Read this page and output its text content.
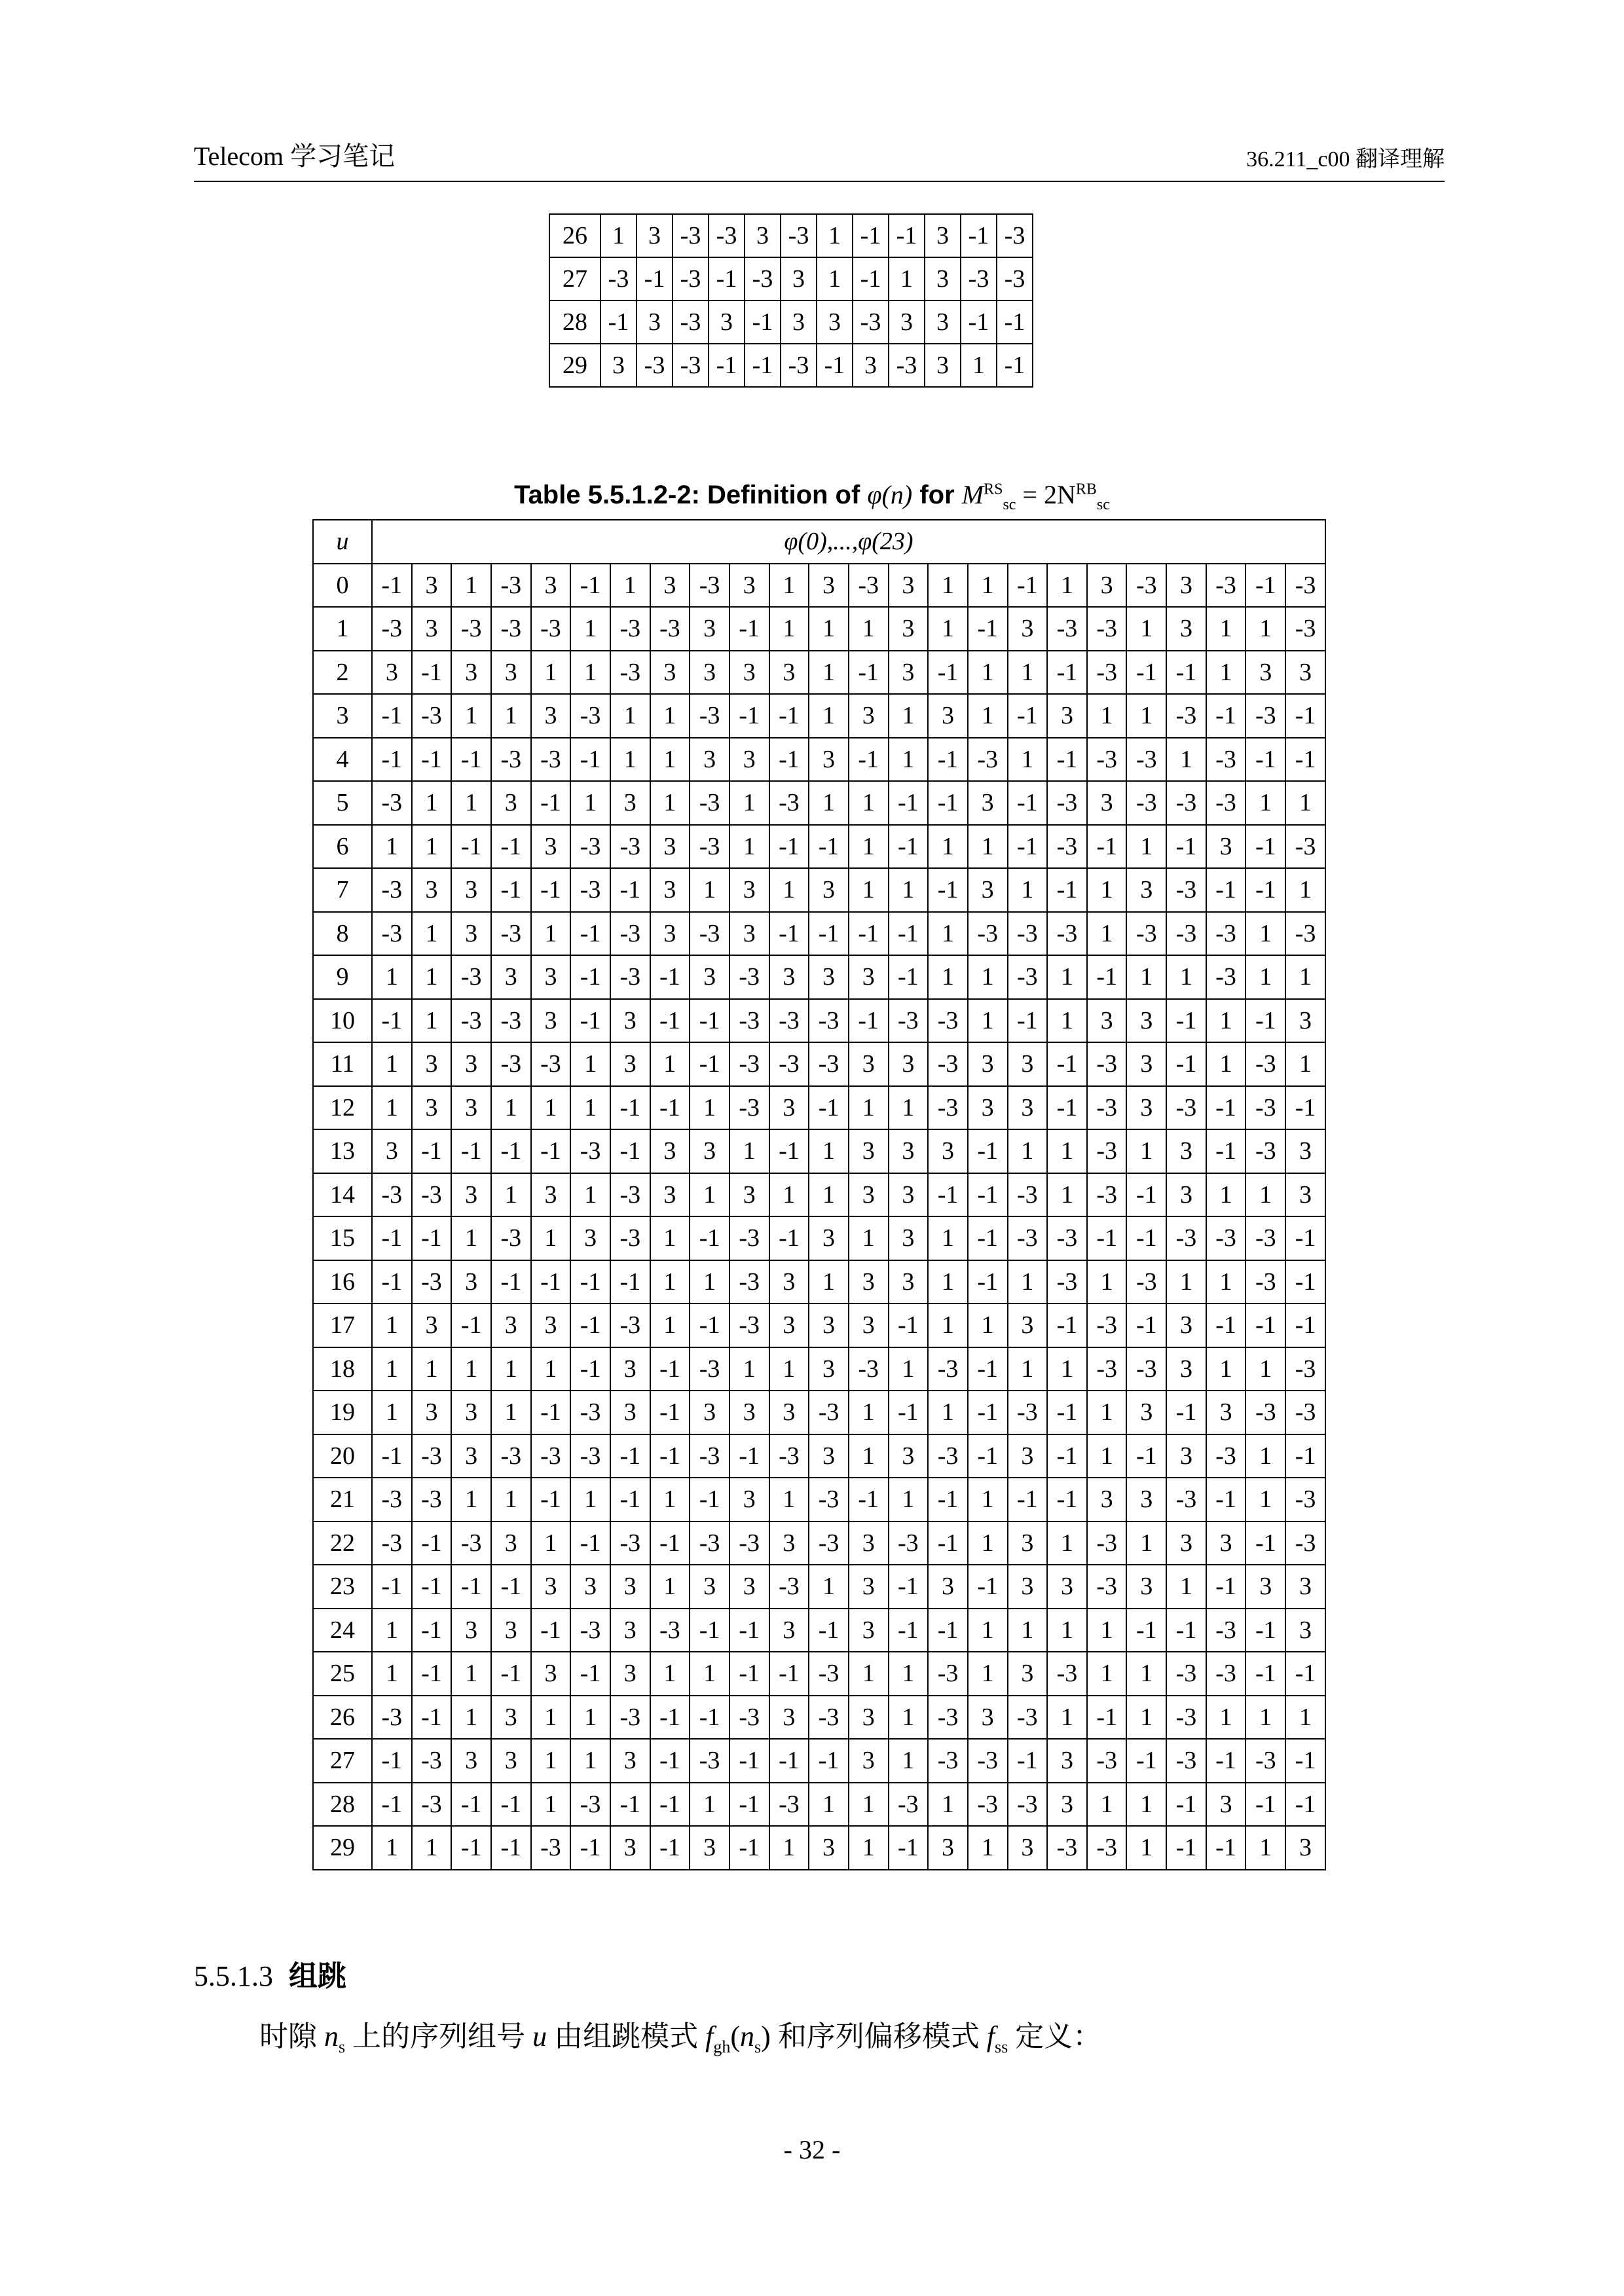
Telecom 学习笔记	36.211_c00 翻译理解
26	1	3	-3	-3	3	-3	1	-1	-1	3	-1	-3
27	-3	-1	-3	-1	-3	3	1	-1	1	3	-3	-3
28	-1	3	-3	3	-1	3	3	-3	3	3	-1	-1
29	3	-3	-3	-1	-1	-3	-1	3	-3	3	1	-1
Table 5.5.1.2-2: Definition of φ(n) for $M^{RS}_{sc} = 2N^{RB}_{sc}$
u	φ(0),...,φ(23)																							
0	-1	3	1	-3	3	-1	1	3	-3	3	1	3	-3	3	1	1	-1	1	3	-3	3	-3	-1	-3
1	-3	3	-3	-3	-3	1	-3	-3	3	-1	1	1	1	3	1	-1	3	-3	-3	1	3	1	1	-3
2	3	-1	3	3	1	1	-3	3	3	3	3	1	-1	3	-1	1	1	-1	-3	-1	-1	1	3	3
3	-1	-3	1	1	3	-3	1	1	-3	-1	-1	1	3	1	3	1	-1	3	1	1	-3	-1	-3	-1
4	-1	-1	-1	-3	-3	-1	1	1	3	3	-1	3	-1	1	-1	-3	1	-1	-3	-3	1	-3	-1	-1
5	-3	1	1	3	-1	1	3	1	-3	1	-3	1	1	-1	-1	3	-1	-3	3	-3	-3	-3	1	1
6	1	1	-1	-1	3	-3	-3	3	-3	1	-1	-1	1	-1	1	1	-1	-3	-1	1	-1	3	-1	-3
7	-3	3	3	-1	-1	-3	-1	3	1	3	1	3	1	1	-1	3	1	-1	1	3	-3	-1	-1	1
8	-3	1	3	-3	1	-1	-3	3	-3	3	-1	-1	-1	-1	1	-3	-3	-3	1	-3	-3	-3	1	-3
9	1	1	-3	3	3	-1	-3	-1	3	-3	3	3	3	-1	1	1	-3	1	-1	1	1	-3	1	1
10	-1	1	-3	-3	3	-1	3	-1	-1	-3	-3	-3	-1	-3	-3	1	-1	1	3	3	-1	1	-1	3
11	1	3	3	-3	-3	1	3	1	-1	-3	-3	-3	3	3	-3	3	3	-1	-3	3	-1	1	-3	1
12	1	3	3	1	1	1	-1	-1	1	-3	3	-1	1	1	-3	3	3	-1	-3	3	-3	-1	-3	-1
13	3	-1	-1	-1	-1	-3	-1	3	3	1	-1	1	3	3	3	-1	1	1	-3	1	3	-1	-3	3
14	-3	-3	3	1	3	1	-3	3	1	3	1	1	3	3	-1	-1	-3	1	-3	-1	3	1	1	3
15	-1	-1	1	-3	1	3	-3	1	-1	-3	-1	3	1	3	1	-1	-3	-3	-1	-1	-3	-3	-3	-1
16	-1	-3	3	-1	-1	-1	-1	1	1	-3	3	1	3	3	1	-1	1	-3	1	-3	1	1	-3	-1
17	1	3	-1	3	3	-1	-3	1	-1	-3	3	3	3	-1	1	1	3	-1	-3	-1	3	-1	-1	-1
18	1	1	1	1	1	-1	3	-1	-3	1	1	3	-3	1	-3	-1	1	1	-3	-3	3	1	1	-3
19	1	3	3	1	-1	-3	3	-1	3	3	3	-3	1	-1	1	-1	-3	-1	1	3	-1	3	-3	-3
20	-1	-3	3	-3	-3	-3	-1	-1	-3	-1	-3	3	1	3	-3	-1	3	-1	1	-1	3	-3	1	-1
21	-3	-3	1	1	-1	1	-1	1	-1	3	1	-3	-1	1	-1	1	-1	-1	3	3	-3	-1	1	-3
22	-3	-1	-3	3	1	-1	-3	-1	-3	-3	3	-3	3	-3	-1	1	3	1	-3	1	3	3	-1	-3
23	-1	-1	-1	-1	3	3	3	1	3	3	-3	1	3	-1	3	-1	3	3	-3	3	1	-1	3	3
24	1	-1	3	3	-1	-3	3	-3	-1	-1	3	-1	3	-1	-1	1	1	1	1	-1	-1	-3	-1	3
25	1	-1	1	-1	3	-1	3	1	1	-1	-1	-3	1	1	-3	1	3	-3	1	1	-3	-3	-1	-1
26	-3	-1	1	3	1	1	-3	-1	-1	-3	3	-3	3	1	-3	3	-3	1	-1	1	-3	1	1	1
27	-1	-3	3	3	1	1	3	-1	-3	-1	-1	-1	3	1	-3	-3	-1	3	-3	-1	-3	-1	-3	-1
28	-1	-3	-1	-1	1	-3	-1	-1	1	-1	-3	1	1	-3	1	-3	-3	3	1	1	-1	3	-1	-1
29	1	1	-1	-1	-3	-1	3	-1	3	-1	1	3	1	-1	3	1	3	-3	-3	1	-1	-1	1	3
5.5.1.3 组跳
时隙 $n_s$ 上的序列组号 u 由组跳模式 $f_{gh}(n_s)$ 和序列偏移模式 $f_{ss}$ 定义：
- 32 -
